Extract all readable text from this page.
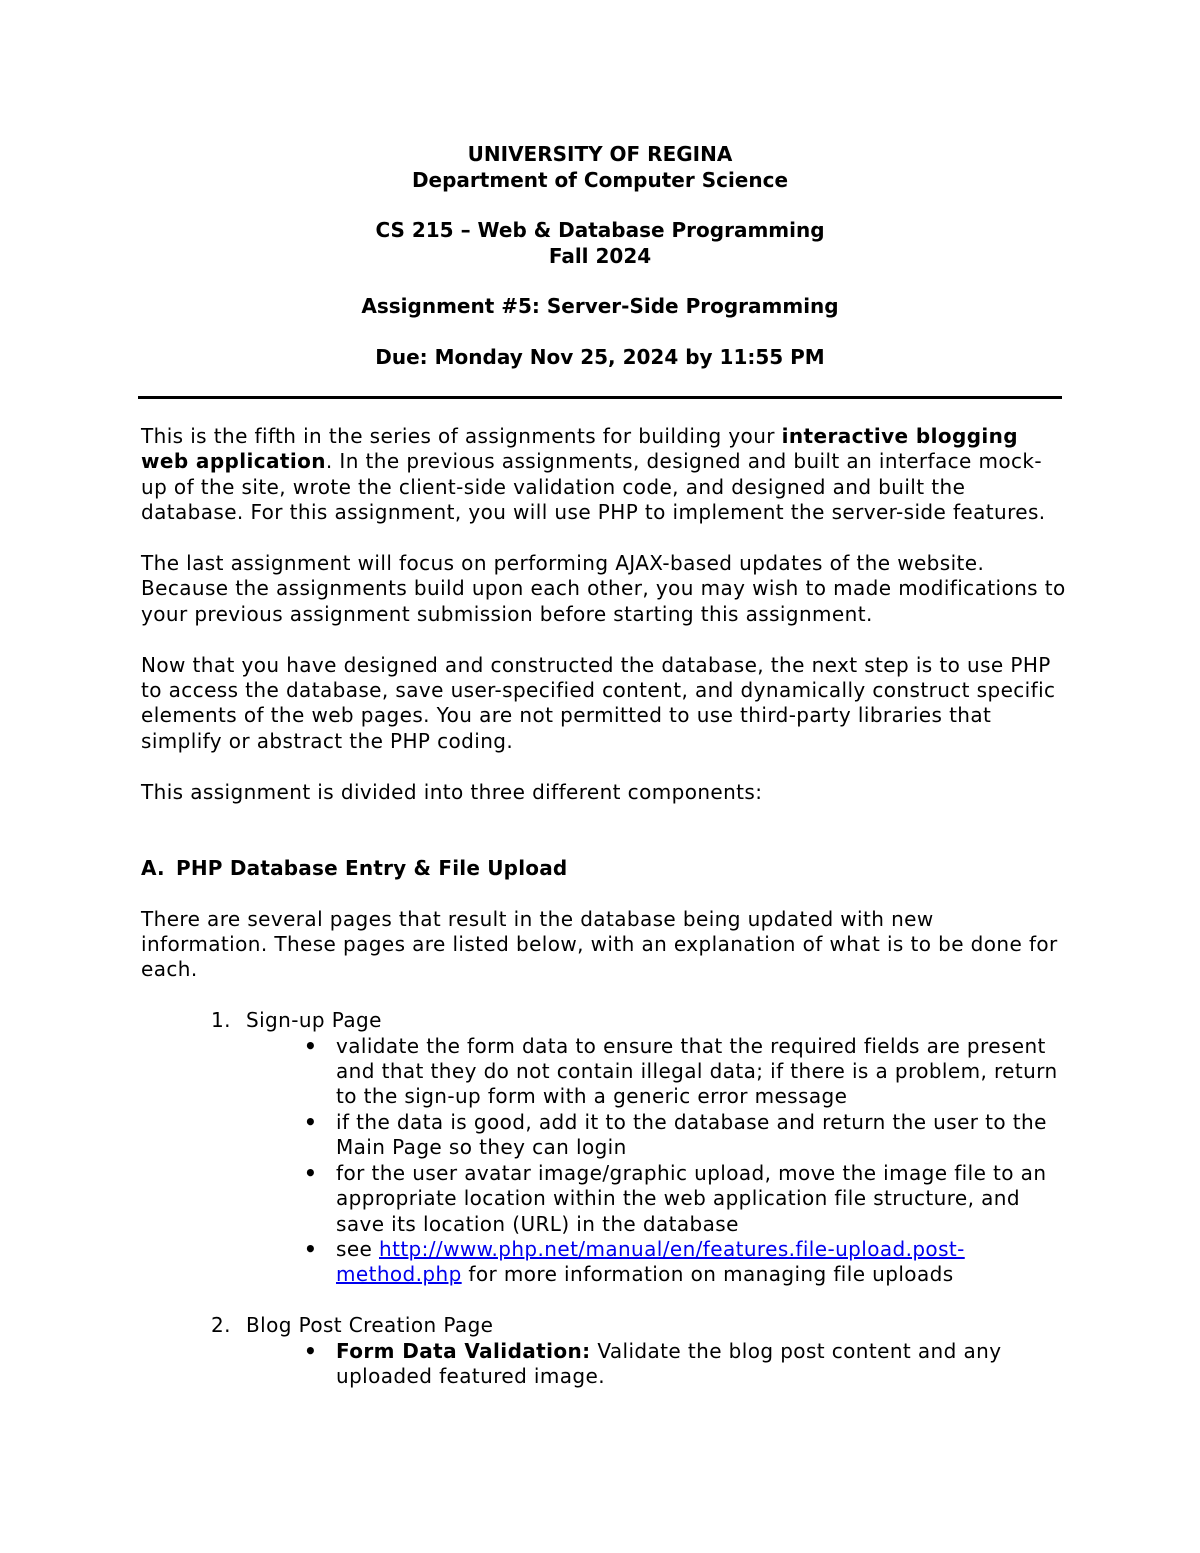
UNIVERSITY OF REGINA
Department of Computer Science
CS 215 – Web & Database Programming
Fall 2024
Assignment #5: Server-Side Programming
Due: Monday Nov 25, 2024 by 11:55 PM

This is the fifth in the series of assignments for building your interactive blogging web application. In the previous assignments, designed and built an interface mock-up of the site, wrote the client-side validation code, and designed and built the database. For this assignment, you will use PHP to implement the server-side features.

The last assignment will focus on performing AJAX-based updates of the website. Because the assignments build upon each other, you may wish to made modifications to your previous assignment submission before starting this assignment.

Now that you have designed and constructed the database, the next step is to use PHP to access the database, save user-specified content, and dynamically construct specific elements of the web pages. You are not permitted to use third-party libraries that simplify or abstract the PHP coding.

This assignment is divided into three different components:

A. PHP Database Entry & File Upload

There are several pages that result in the database being updated with new information. These pages are listed below, with an explanation of what is to be done for each.

1. Sign-up Page
• validate the form data to ensure that the required fields are present and that they do not contain illegal data; if there is a problem, return to the sign-up form with a generic error message
• if the data is good, add it to the database and return the user to the Main Page so they can login
• for the user avatar image/graphic upload, move the image file to an appropriate location within the web application file structure, and save its location (URL) in the database
• see http://www.php.net/manual/en/features.file-upload.post-method.php for more information on managing file uploads
2. Blog Post Creation Page
• Form Data Validation: Validate the blog post content and any uploaded featured image.
